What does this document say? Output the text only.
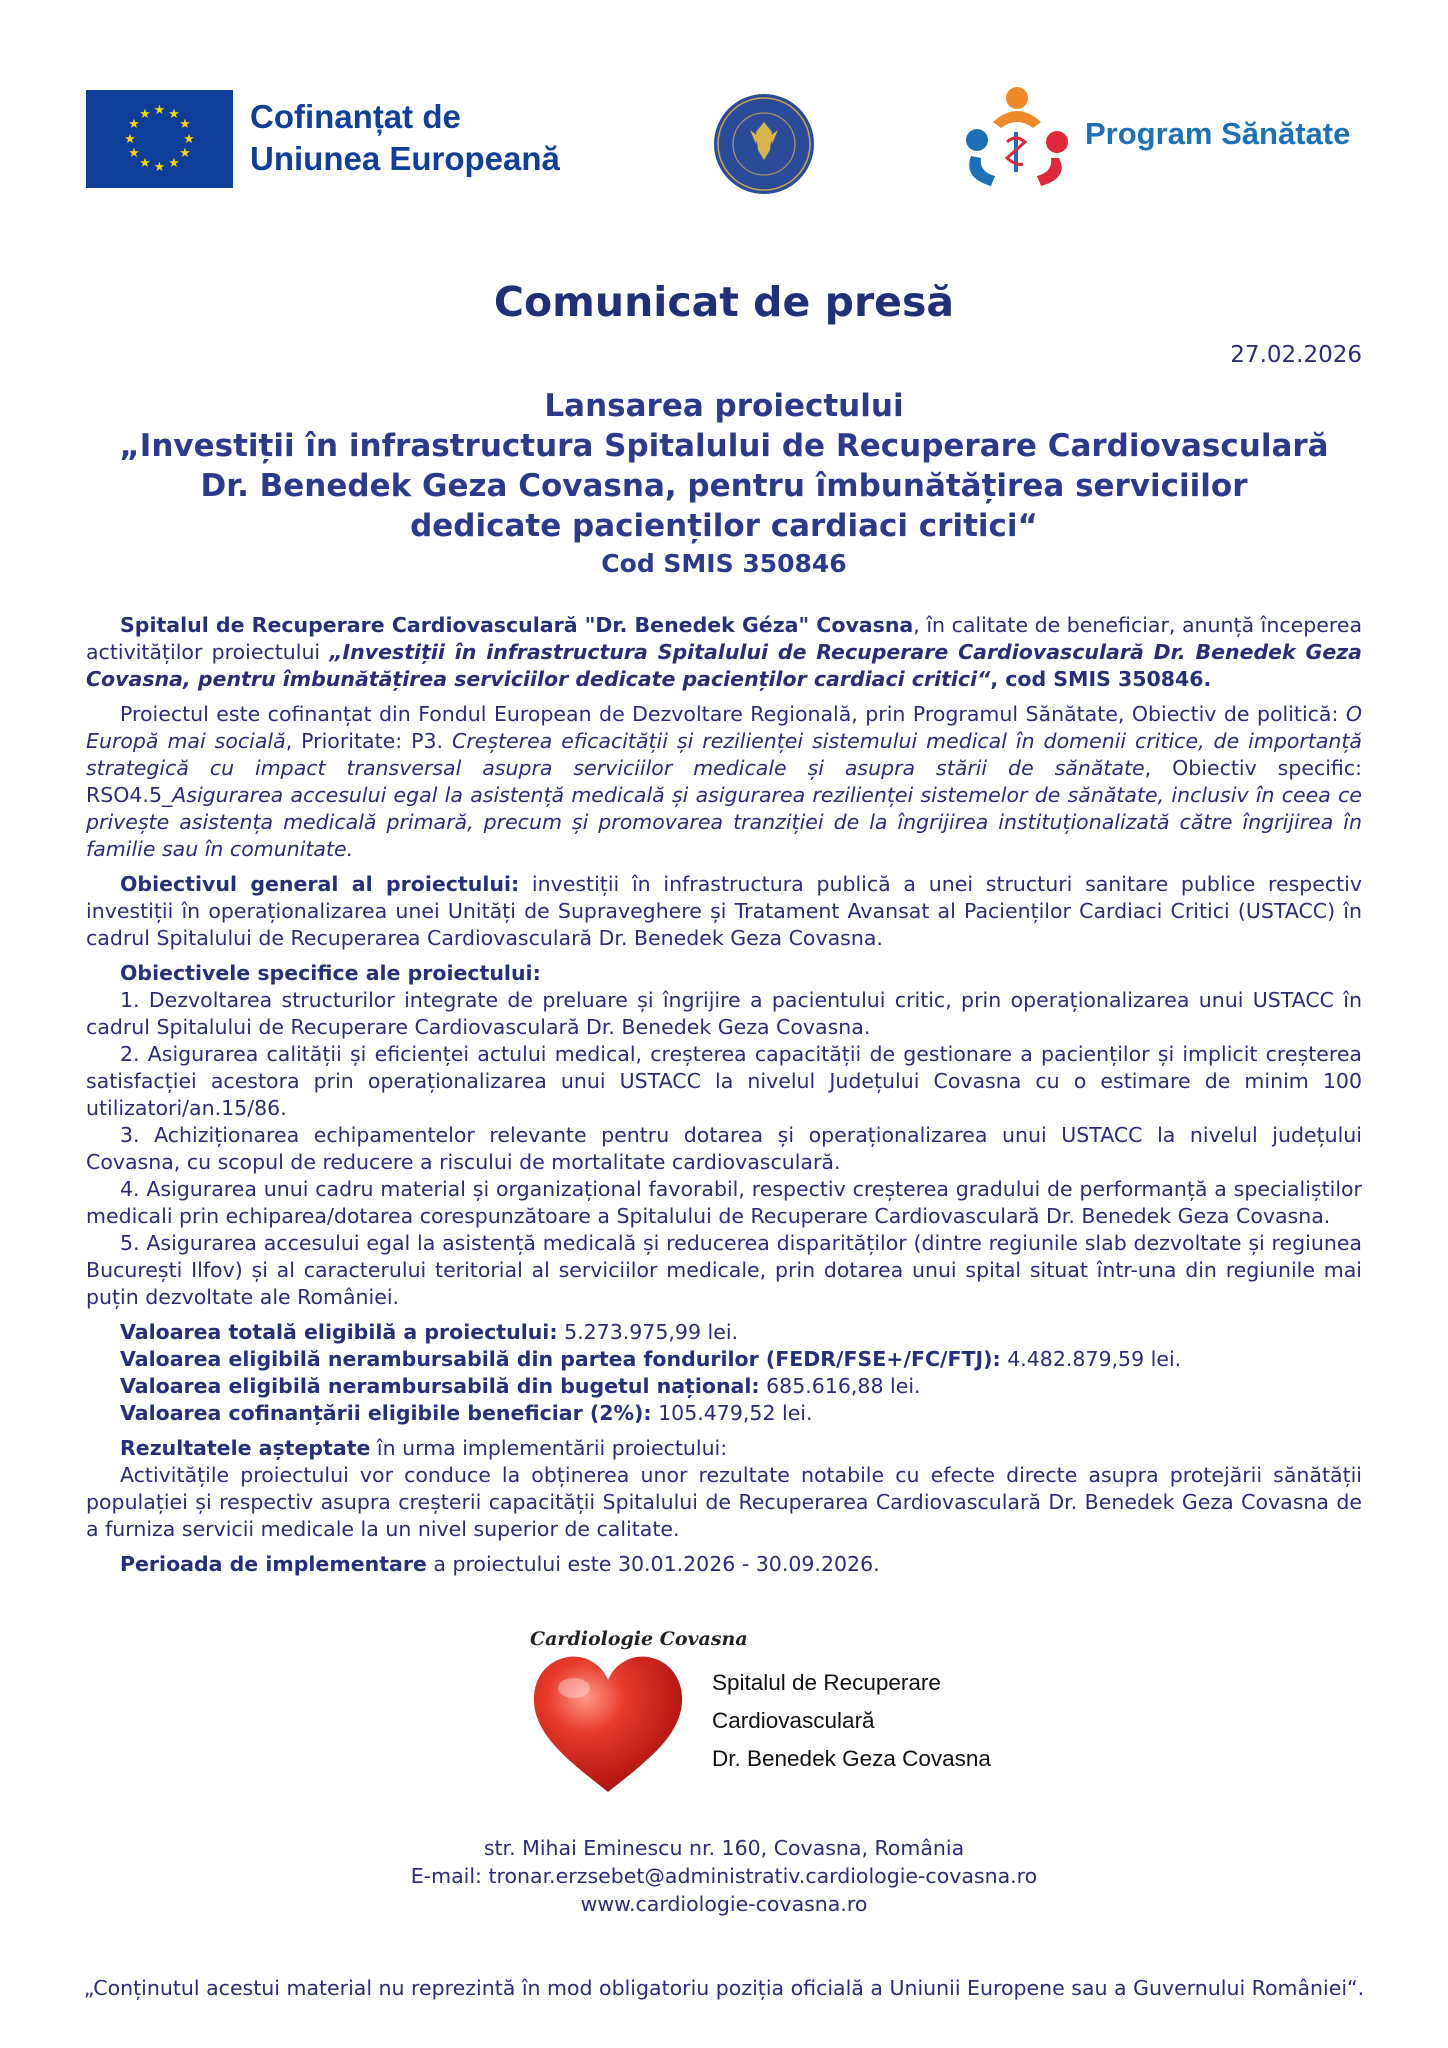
★ ★
★
★
★
★
★
★
★
★
★
★	Cofinanțat de
Uniunea Europeană
Program Sănătate
Comunicat de presă
27.02.2026
Lansarea proiectului
„Investiții în infrastructura Spitalului de Recuperare Cardiovasculară
Dr. Benedek Geza Covasna, pentru îmbunătățirea serviciilor
dedicate pacienților cardiaci critici“
Cod SMIS 350846

Spitalul de Recuperare Cardiovasculară "Dr. Benedek Géza" Covasna, în calitate de beneficiar, anunță începerea activităților proiectului „Investiții în infrastructura Spitalului de Recuperare Cardiovasculară Dr. Benedek Geza Covasna, pentru îmbunătățirea serviciilor dedicate pacienților cardiaci critici“, cod SMIS 350846.

Proiectul este cofinanțat din Fondul European de Dezvoltare Regională, prin Programul Sănătate, Obiectiv de politică: O Europă mai socială, Prioritate: P3. Creșterea eficacității și rezilienței sistemului medical în domenii critice, de importanță strategică cu impact transversal asupra serviciilor medicale și asupra stării de sănătate, Obiectiv specific: RSO4.5_Asigurarea accesului egal la asistență medicală și asigurarea rezilienței sistemelor de sănătate, inclusiv în ceea ce privește asistența medicală primară, precum și promovarea tranziției de la îngrijirea instituționalizată către îngrijirea în familie sau în comunitate.

Obiectivul general al proiectului: investiții în infrastructura publică a unei structuri sanitare publice respectiv investiții în operaționalizarea unei Unități de Supraveghere și Tratament Avansat al Pacienților Cardiaci Critici (USTACC) în cadrul Spitalului de Recuperarea Cardiovasculară Dr. Benedek Geza Covasna.

Obiectivele specifice ale proiectului:
1. Dezvoltarea structurilor integrate de preluare și îngrijire a pacientului critic, prin operaționalizarea unui USTACC în cadrul Spitalului de Recuperare Cardiovasculară Dr. Benedek Geza Covasna.
2. Asigurarea calității și eficienței actului medical, creșterea capacității de gestionare a pacienților și implicit creșterea satisfacției acestora prin operaționalizarea unui USTACC la nivelul Județului Covasna cu o estimare de minim 100 utilizatori/an.15/86.
3. Achiziționarea echipamentelor relevante pentru dotarea și operaționalizarea unui USTACC la nivelul județului Covasna, cu scopul de reducere a riscului de mortalitate cardiovasculară.
4. Asigurarea unui cadru material și organizațional favorabil, respectiv creșterea gradului de performanță a specialiștilor medicali prin echiparea/dotarea corespunzătoare a Spitalului de Recuperare Cardiovasculară Dr. Benedek Geza Covasna.
5. Asigurarea accesului egal la asistență medicală și reducerea disparităților (dintre regiunile slab dezvoltate și regiunea București Ilfov) și al caracterului teritorial al serviciilor medicale, prin dotarea unui spital situat într-una din regiunile mai puțin dezvoltate ale României.
Valoarea totală eligibilă a proiectului: 5.273.975,99 lei.
Valoarea eligibilă nerambursabilă din partea fondurilor (FEDR/FSE+/FC/FTJ): 4.482.879,59 lei.
Valoarea eligibilă nerambursabilă din bugetul național: 685.616,88 lei.
Valoarea cofinanțării eligibile beneficiar (2%): 105.479,52 lei.
Rezultatele așteptate în urma implementării proiectului:
Activitățile proiectului vor conduce la obținerea unor rezultate notabile cu efecte directe asupra protejării sănătății populației și respectiv asupra creșterii capacității Spitalului de Recuperarea Cardiovasculară Dr. Benedek Geza Covasna de a furniza servicii medicale la un nivel superior de calitate.

Perioada de implementare a proiectului este 30.01.2026 - 30.09.2026.

Cardiologie Covasna
Spitalul de Recuperare
Cardiovasculară
Dr. Benedek Geza Covasna
str. Mihai Eminescu nr. 160, Covasna, România
E-mail: tronar.erzsebet@administrativ.cardiologie-covasna.ro
www.cardiologie-covasna.ro
„Conținutul acestui material nu reprezintă în mod obligatoriu poziția oficială a Uniunii Europene sau a Guvernului României“.
